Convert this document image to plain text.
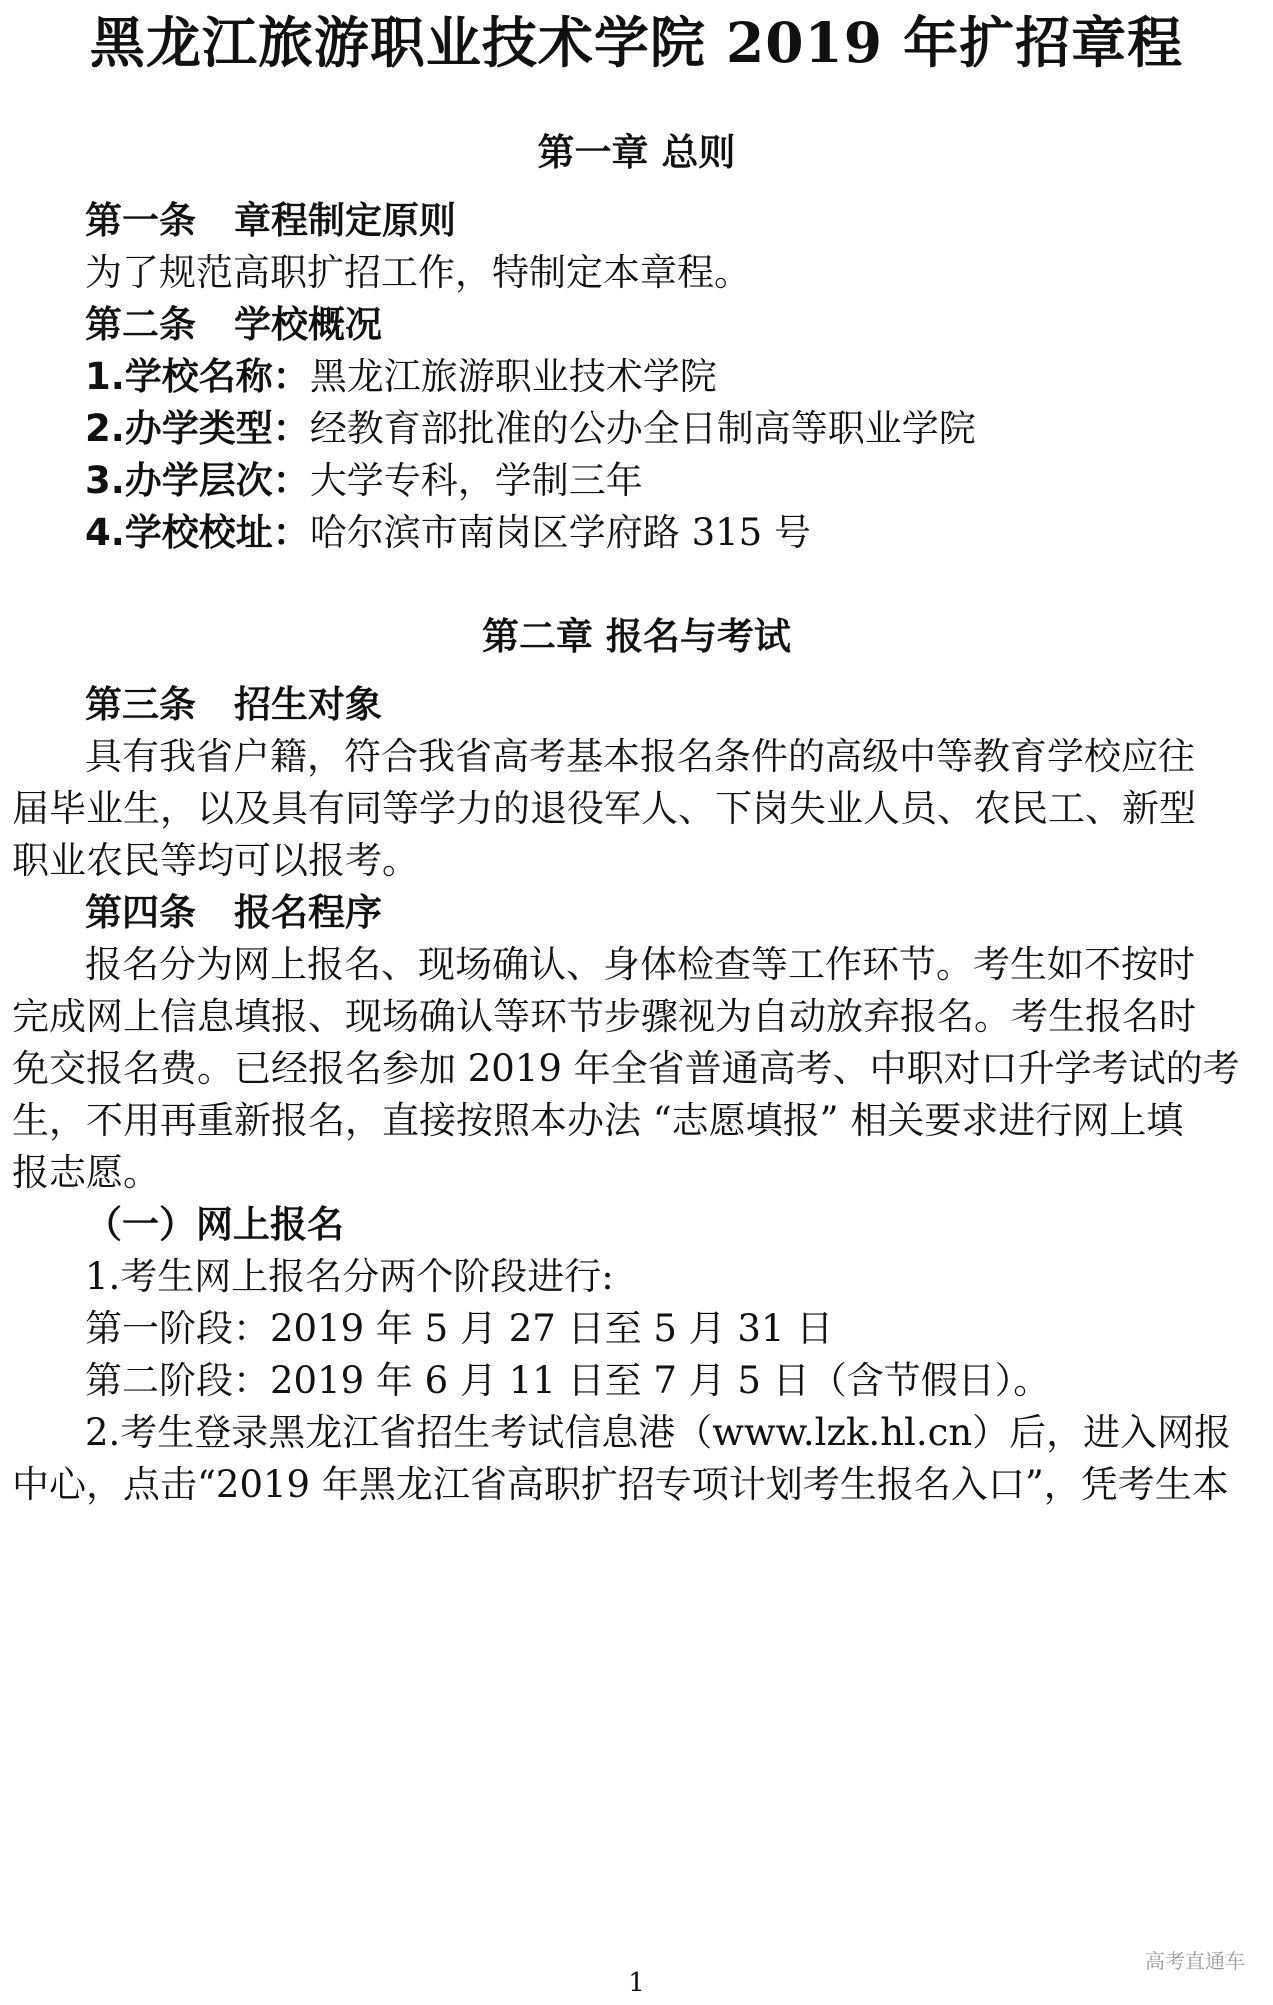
黑龙江旅游职业技术学院 2019 年扩招章程
第一章 总则

第一条 章程制定原则

为了规范高职扩招工作，特制定本章程。

第二条 学校概况

1.学校名称：黑龙江旅游职业技术学院

2.办学类型：经教育部批准的公办全日制高等职业学院

3.办学层次：大学专科，学制三年

4.学校校址：哈尔滨市南岗区学府路 315 号

第二章 报名与考试

第三条 招生对象

具有我省户籍，符合我省高考基本报名条件的高级中等教育学校应往

届毕业生，以及具有同等学力的退役军人、下岗失业人员、农民工、新型

职业农民等均可以报考。

第四条 报名程序

报名分为网上报名、现场确认、身体检查等工作环节。考生如不按时

完成网上信息填报、现场确认等环节步骤视为自动放弃报名。考生报名时

免交报名费。已经报名参加 2019 年全省普通高考、中职对口升学考试的考

生，不用再重新报名，直接按照本办法 “志愿填报” 相关要求进行网上填

报志愿。

（一）网上报名

1.考生网上报名分两个阶段进行:

第一阶段：2019 年 5 月 27 日至 5 月 31 日

第二阶段：2019 年 6 月 11 日至 7 月 5 日（含节假日）。

2.考生登录黑龙江省招生考试信息港（www.lzk.hl.cn）后，进入网报

中心，点击“2019 年黑龙江省高职扩招专项计划考生报名入口”，凭考生本

高考直通车
1
